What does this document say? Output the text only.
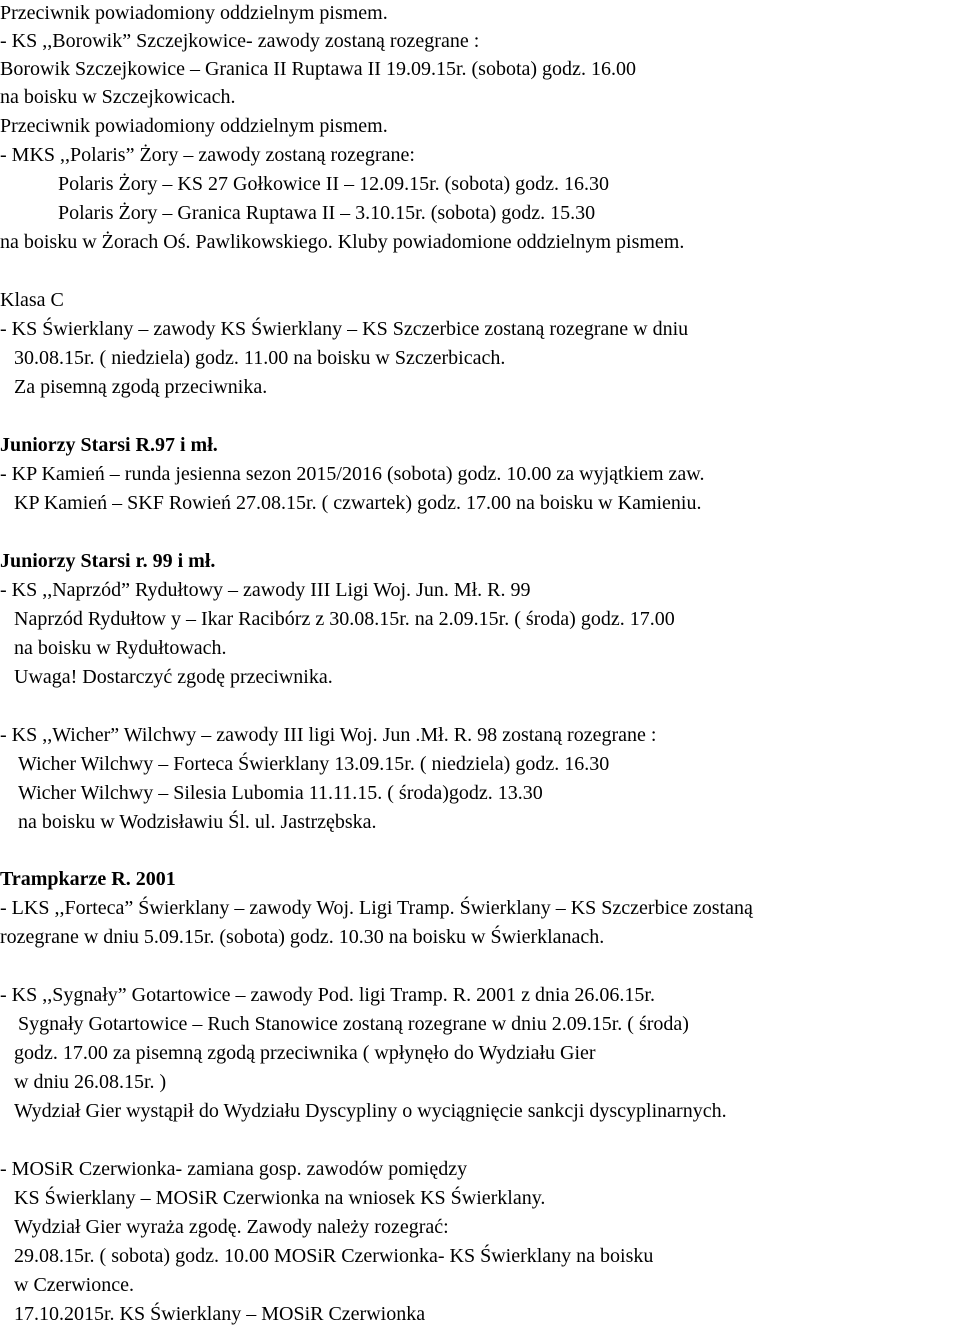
Przeciwnik powiadomiony oddzielnym pismem.

- KS ,,Borowik” Szczejkowice- zawody zostaną rozegrane :

Borowik Szczejkowice – Granica II Ruptawa II 19.09.15r. (sobota) godz. 16.00

na boisku w Szczejkowicach.

Przeciwnik powiadomiony oddzielnym pismem.

- MKS ,,Polaris” Żory – zawody zostaną rozegrane:

Polaris Żory – KS 27 Gołkowice II – 12.09.15r. (sobota) godz. 16.30

Polaris Żory – Granica Ruptawa II – 3.10.15r. (sobota) godz. 15.30

na boisku w Żorach Oś. Pawlikowskiego. Kluby powiadomione oddzielnym pismem.

Klasa C

- KS Świerklany – zawody KS Świerklany – KS Szczerbice zostaną rozegrane w dniu

30.08.15r. ( niedziela) godz. 11.00 na boisku w Szczerbicach.

Za pisemną zgodą przeciwnika.

Juniorzy Starsi R.97 i mł.

- KP Kamień – runda jesienna sezon 2015/2016 (sobota) godz. 10.00 za wyjątkiem zaw.

KP Kamień – SKF Rowień 27.08.15r. ( czwartek) godz. 17.00 na boisku w Kamieniu.

Juniorzy Starsi r. 99 i mł.

- KS ,,Naprzód” Rydułtowy – zawody III Ligi Woj. Jun. Mł. R. 99

Naprzód Rydułtow y – Ikar Racibórz z 30.08.15r. na 2.09.15r. ( środa) godz. 17.00

na boisku w Rydułtowach.

Uwaga! Dostarczyć zgodę przeciwnika.

- KS ,,Wicher” Wilchwy – zawody III ligi Woj. Jun .Mł. R. 98 zostaną rozegrane :

Wicher Wilchwy – Forteca Świerklany 13.09.15r. ( niedziela) godz. 16.30

Wicher Wilchwy – Silesia Lubomia 11.11.15. ( środa)godz. 13.30

na boisku w Wodzisławiu Śl. ul. Jastrzębska.

Trampkarze R. 2001

- LKS ,,Forteca” Świerklany – zawody Woj. Ligi Tramp. Świerklany – KS Szczerbice zostaną

rozegrane w dniu 5.09.15r. (sobota) godz. 10.30 na boisku w Świerklanach.

- KS ,,Sygnały” Gotartowice – zawody Pod. ligi Tramp. R. 2001 z dnia 26.06.15r.

Sygnały Gotartowice – Ruch Stanowice zostaną rozegrane w dniu 2.09.15r. ( środa)

godz. 17.00 za pisemną zgodą przeciwnika ( wpłynęło do Wydziału Gier

w dniu 26.08.15r. )

Wydział Gier wystąpił do Wydziału Dyscypliny o wyciągnięcie sankcji dyscyplinarnych.

- MOSiR Czerwionka- zamiana gosp. zawodów pomiędzy

KS Świerklany – MOSiR Czerwionka na wniosek KS Świerklany.

Wydział Gier wyraża zgodę. Zawody należy rozegrać:

29.08.15r. ( sobota) godz. 10.00 MOSiR Czerwionka- KS Świerklany na boisku

w Czerwionce.

17.10.2015r. KS Świerklany – MOSiR Czerwionka
